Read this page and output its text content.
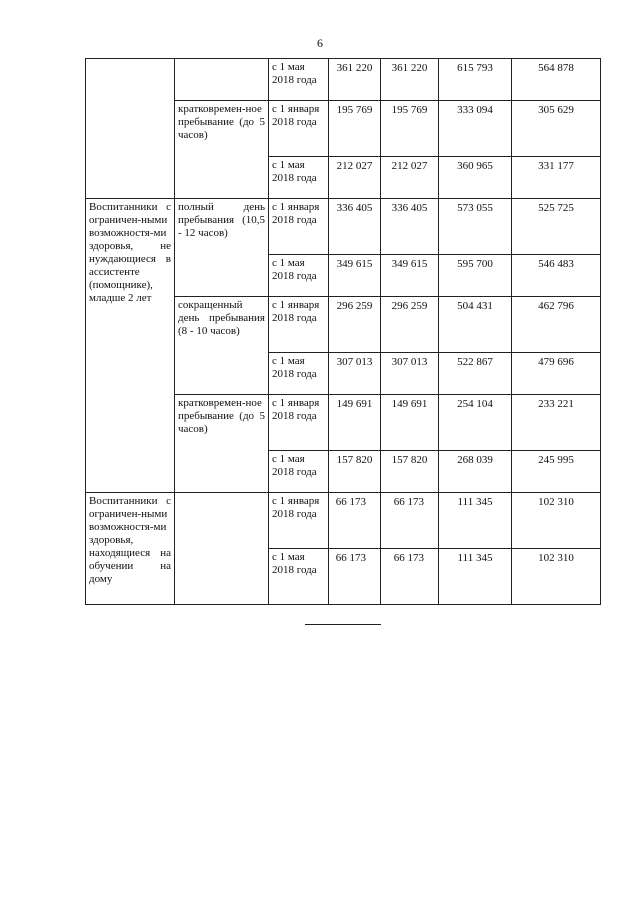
6
		с 1 мая 2018 года	361 220	361 220	615 793	564 878
	кратковремен-ное пребывание (до 5 часов)	с 1 января 2018 года	195 769	195 769	333 094	305 629
		с 1 мая 2018 года	212 027	212 027	360 965	331 177
Воспитанники с ограничен-ными возможностя-ми здоровья, не нуждающиеся в ассистенте (помощнике), младше 2 лет	полный день пребывания (10,5 - 12 часов)	с 1 января 2018 года	336 405	336 405	573 055	525 725
		с 1 мая 2018 года	349 615	349 615	595 700	546 483
	сокращенный день пребывания (8 - 10 часов)	с 1 января 2018 года	296 259	296 259	504 431	462 796
		с 1 мая 2018 года	307 013	307 013	522 867	479 696
	кратковремен-ное пребывание (до 5 часов)	с 1 января 2018 года	149 691	149 691	254 104	233 221
		с 1 мая 2018 года	157 820	157 820	268 039	245 995
Воспитанники с ограничен-ными возможностя-ми здоровья, находящиеся на обучении на дому		с 1 января 2018 года	66 173	66 173	111 345	102 310
		с 1 мая 2018 года	66 173	66 173	111 345	102 310
